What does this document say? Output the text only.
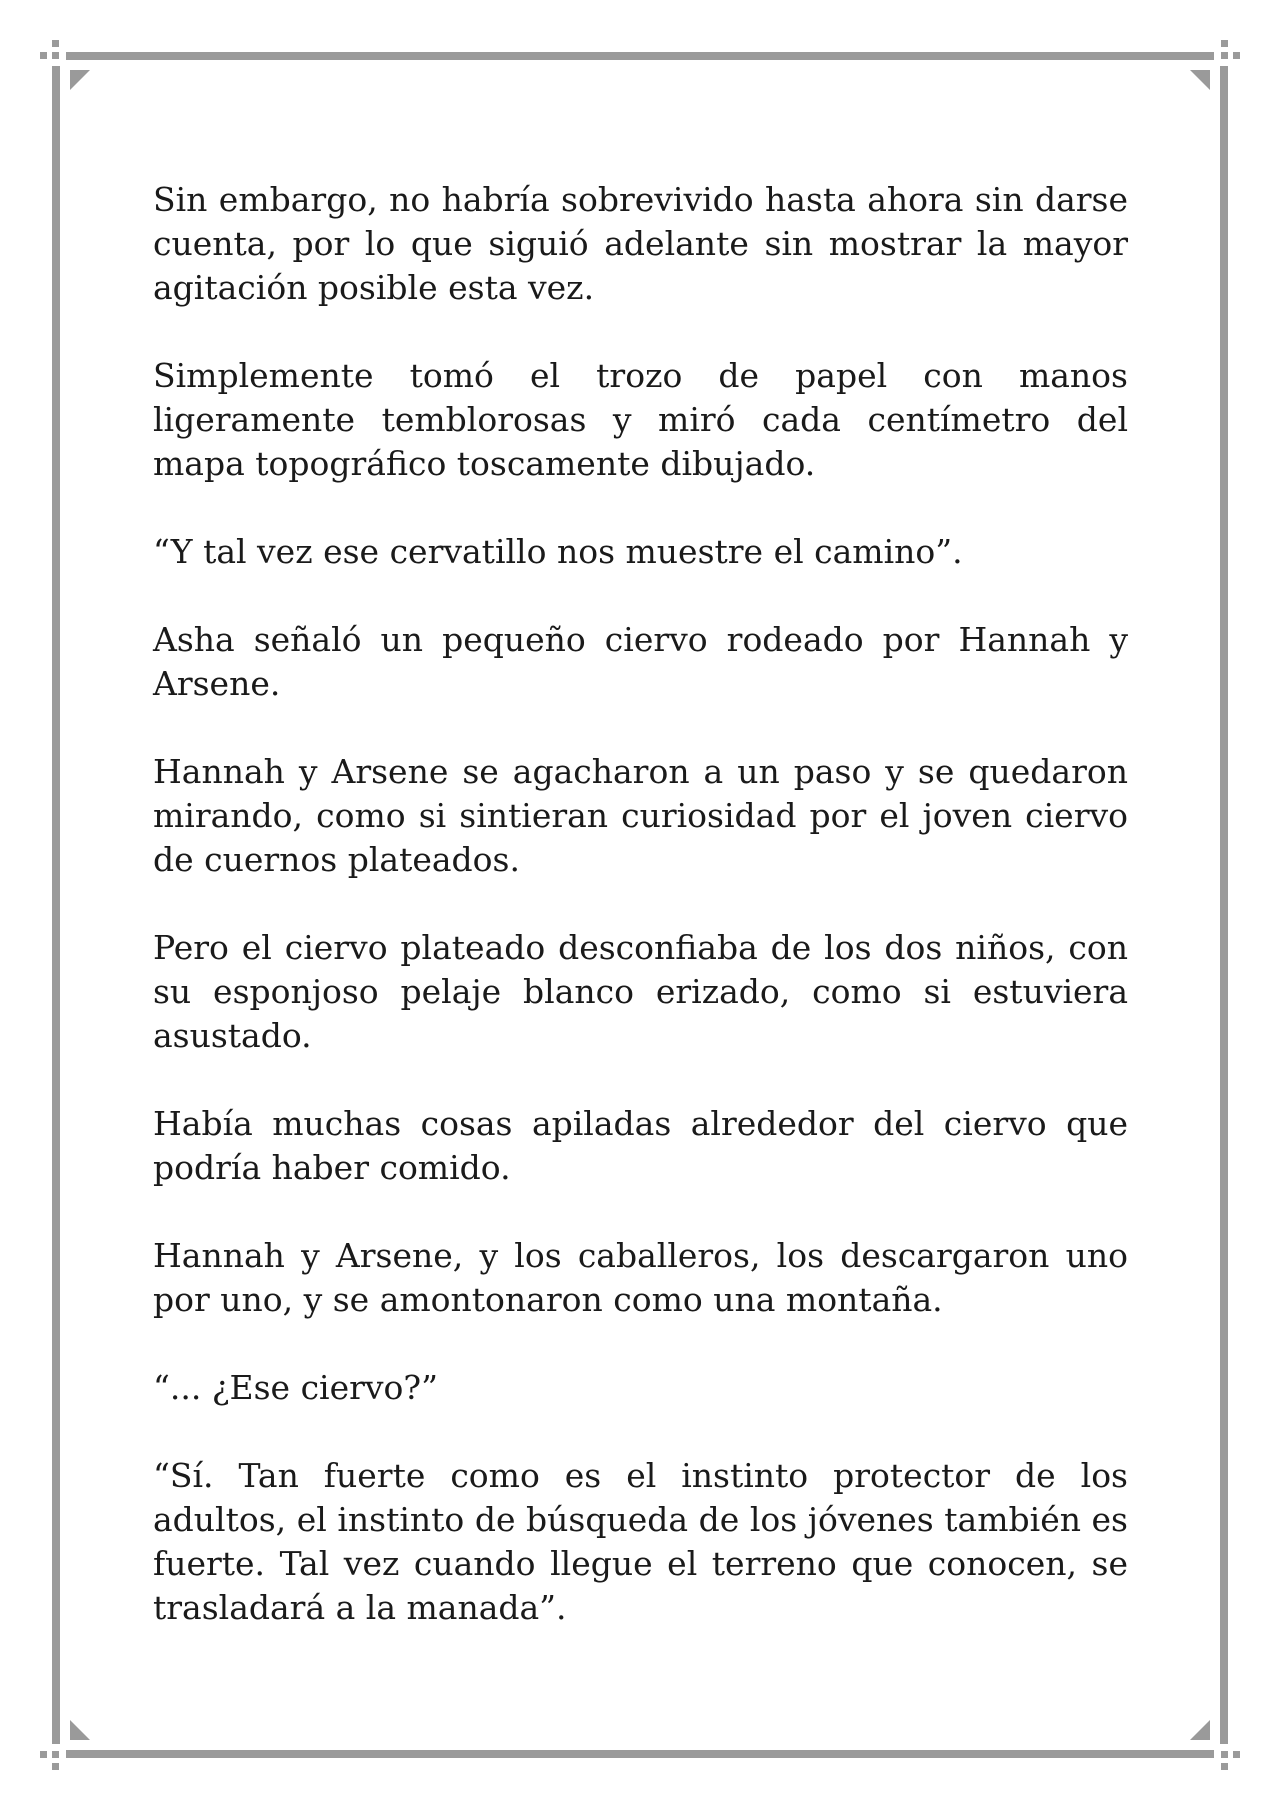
Sin embargo, no habría sobrevivido hasta ahora sin darse cuenta, por lo que siguió adelante sin mostrar la mayor agitación posible esta vez.

Simplemente tomó el trozo de papel con manos ligeramente temblorosas y miró cada centímetro del mapa topográfico toscamente dibujado.

“Y tal vez ese cervatillo nos muestre el camino”.

Asha señaló un pequeño ciervo rodeado por Hannah y Arsene.

Hannah y Arsene se agacharon a un paso y se quedaron mirando, como si sintieran curiosidad por el joven ciervo de cuernos plateados.

Pero el ciervo plateado desconfiaba de los dos niños, con su esponjoso pelaje blanco erizado, como si estuviera asustado.

Había muchas cosas apiladas alrededor del ciervo que podría haber comido.

Hannah y Arsene, y los caballeros, los descargaron uno por uno, y se amontonaron como una montaña.

“... ¿Ese ciervo?”

“Sí. Tan fuerte como es el instinto protector de los adultos, el instinto de búsqueda de los jóvenes también es fuerte. Tal vez cuando llegue el terreno que conocen, se trasladará a la manada”.
